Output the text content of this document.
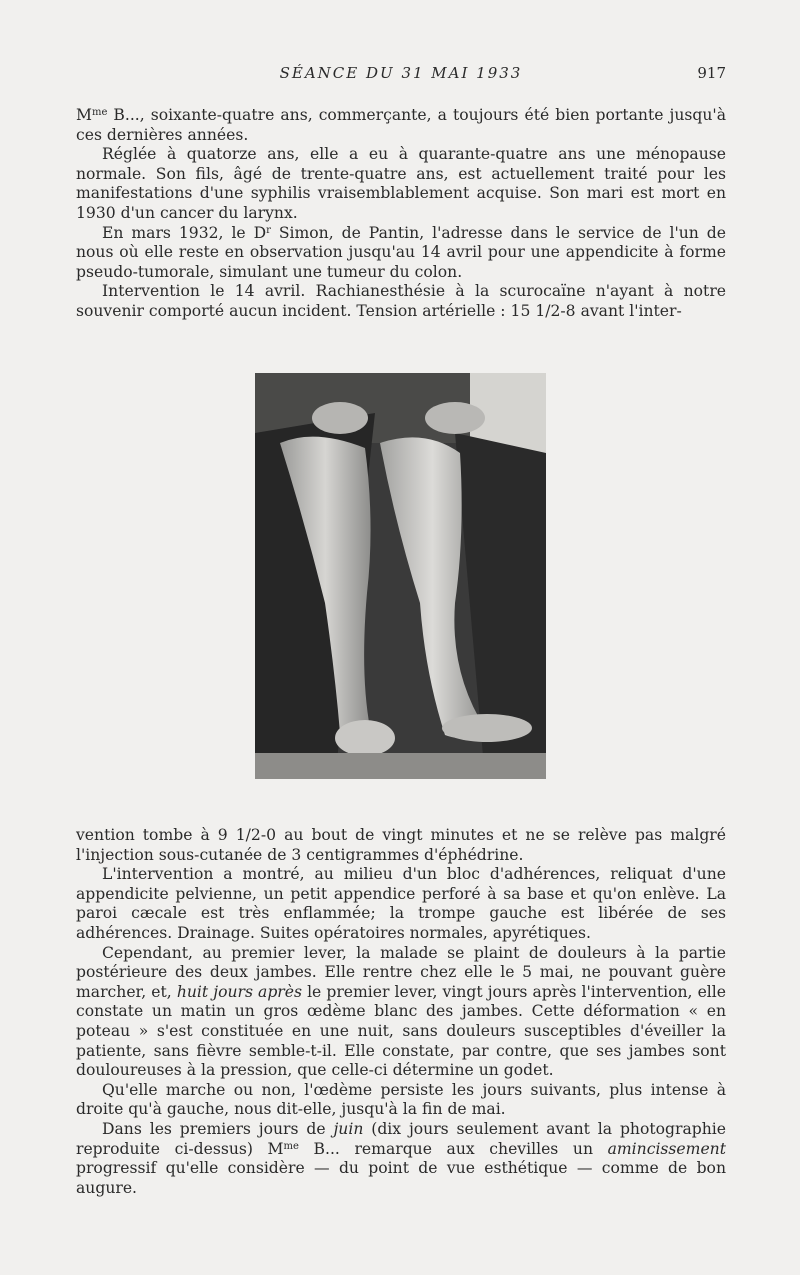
SÉANCE DU 31 MAI 1933	917

$M^{me}$ B..., soixante-quatre ans, commerçante, a toujours été bien portante jusqu'à ces dernières années.

Réglée à quatorze ans, elle a eu à quarante-quatre ans une ménopause normale. Son fils, âgé de trente-quatre ans, est actuellement traité pour les manifestations d'une syphilis vraisemblablement acquise. Son mari est mort en 1930 d'un cancer du larynx.

En mars 1932, le $D^r$ Simon, de Pantin, l'adresse dans le service de l'un de nous où elle reste en observation jusqu'au 14 avril pour une appendicite à forme pseudo-tumorale, simulant une tumeur du colon.

Intervention le 14 avril. Rachianesthésie à la scurocaïne n'ayant à notre souvenir comporté aucun incident. Tension artérielle : 15 1/2-8 avant l'inter-

vention tombe à 9 1/2-0 au bout de vingt minutes et ne se relève pas malgré l'injection sous-cutanée de 3 centigrammes d'éphédrine.

L'intervention a montré, au milieu d'un bloc d'adhérences, reliquat d'une appendicite pelvienne, un petit appendice perforé à sa base et qu'on enlève. La paroi cæcale est très enflammée; la trompe gauche est libérée de ses adhérences. Drainage. Suites opératoires normales, apyrétiques.

Cependant, au premier lever, la malade se plaint de douleurs à la partie postérieure des deux jambes. Elle rentre chez elle le 5 mai, ne pouvant guère marcher, et, huit jours après le premier lever, vingt jours après l'intervention, elle constate un matin un gros œdème blanc des jambes. Cette déformation « en poteau » s'est constituée en une nuit, sans douleurs susceptibles d'éveiller la patiente, sans fièvre semble-t-il. Elle constate, par contre, que ses jambes sont douloureuses à la pression, que celle-ci détermine un godet.

Qu'elle marche ou non, l'œdème persiste les jours suivants, plus intense à droite qu'à gauche, nous dit-elle, jusqu'à la fin de mai.

Dans les premiers jours de juin (dix jours seulement avant la photographie reproduite ci-dessus) $M^{me}$ B... remarque aux chevilles un amincissement progressif qu'elle considère — du point de vue esthétique — comme de bon augure.
